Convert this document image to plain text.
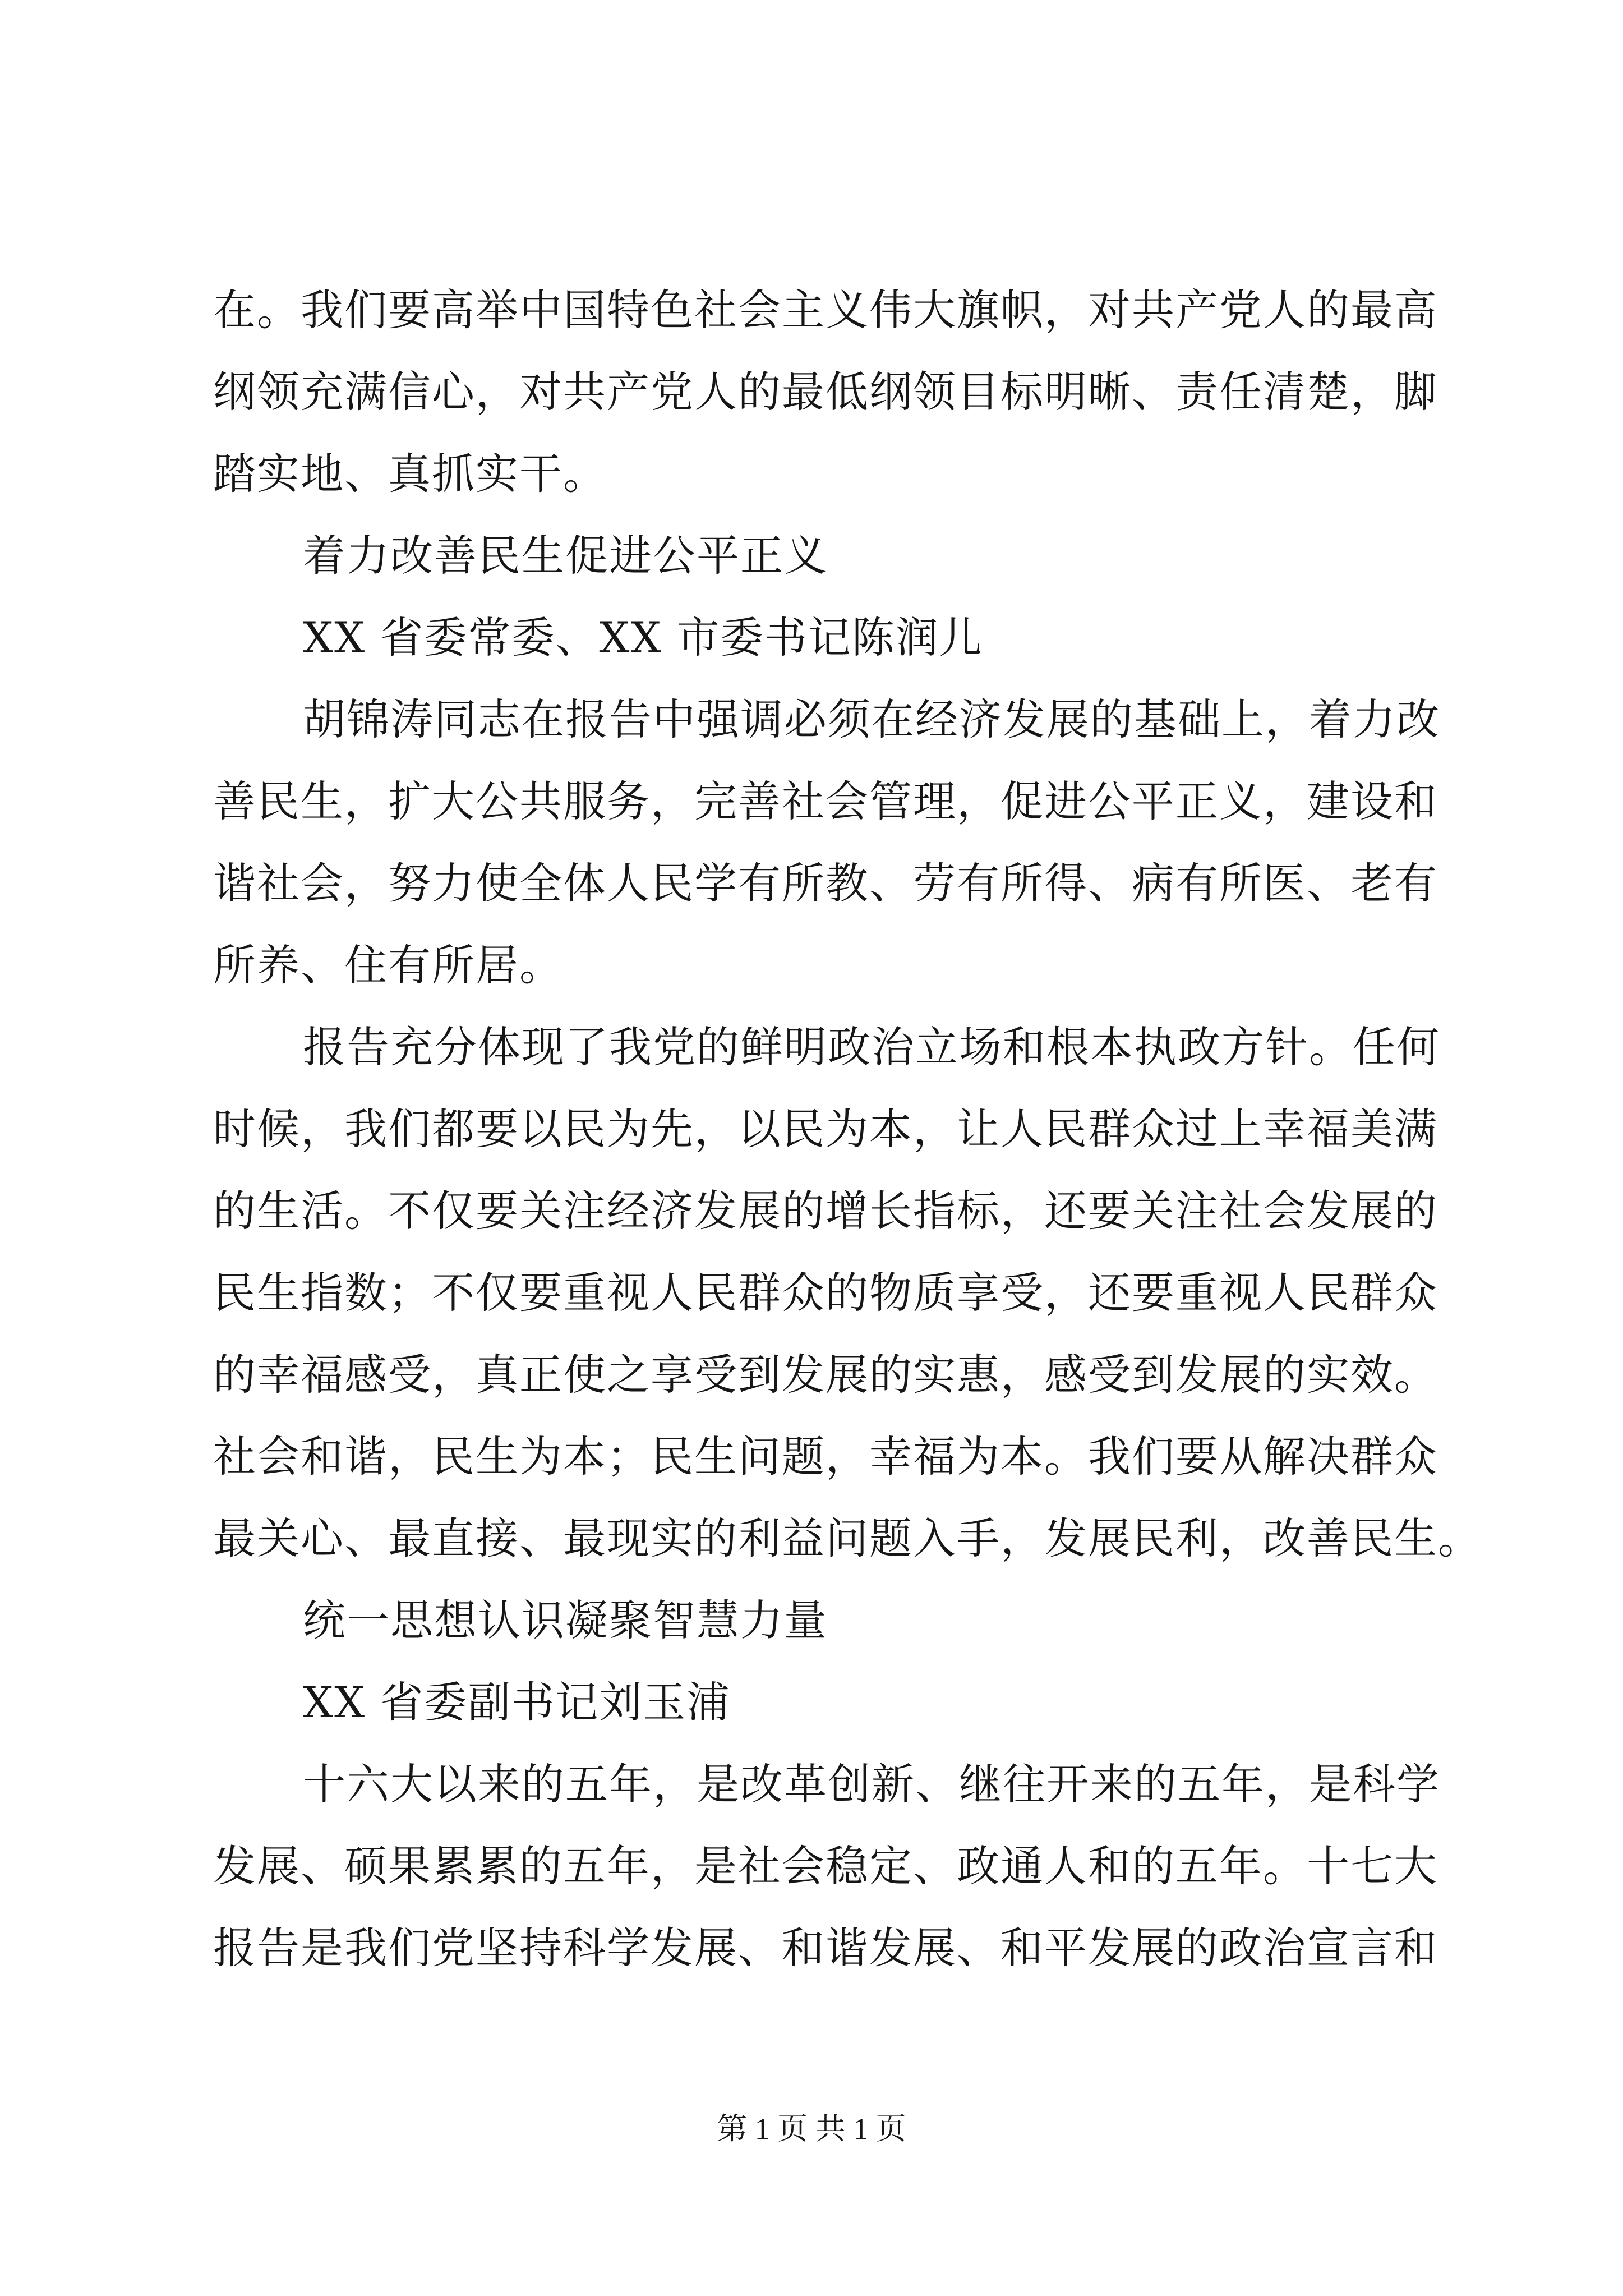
在。我们要高举中国特色社会主义伟大旗帜，对共产党人的最高
纲领充满信心，对共产党人的最低纲领目标明晰、责任清楚，脚
踏实地、真抓实干。
着力改善民生促进公平正义
XX 省委常委、XX 市委书记陈润儿
胡锦涛同志在报告中强调必须在经济发展的基础上，着力改
善民生，扩大公共服务，完善社会管理，促进公平正义，建设和
谐社会，努力使全体人民学有所教、劳有所得、病有所医、老有
所养、住有所居。
报告充分体现了我党的鲜明政治立场和根本执政方针。任何
时候，我们都要以民为先，以民为本，让人民群众过上幸福美满
的生活。不仅要关注经济发展的增长指标，还要关注社会发展的
民生指数；不仅要重视人民群众的物质享受，还要重视人民群众
的幸福感受，真正使之享受到发展的实惠，感受到发展的实效。
社会和谐，民生为本；民生问题，幸福为本。我们要从解决群众
最关心、最直接、最现实的利益问题入手，发展民利，改善民生。
统一思想认识凝聚智慧力量
XX 省委副书记刘玉浦
十六大以来的五年，是改革创新、继往开来的五年，是科学
发展、硕果累累的五年，是社会稳定、政通人和的五年。十七大
报告是我们党坚持科学发展、和谐发展、和平发展的政治宣言和
第 1 页 共 1 页
